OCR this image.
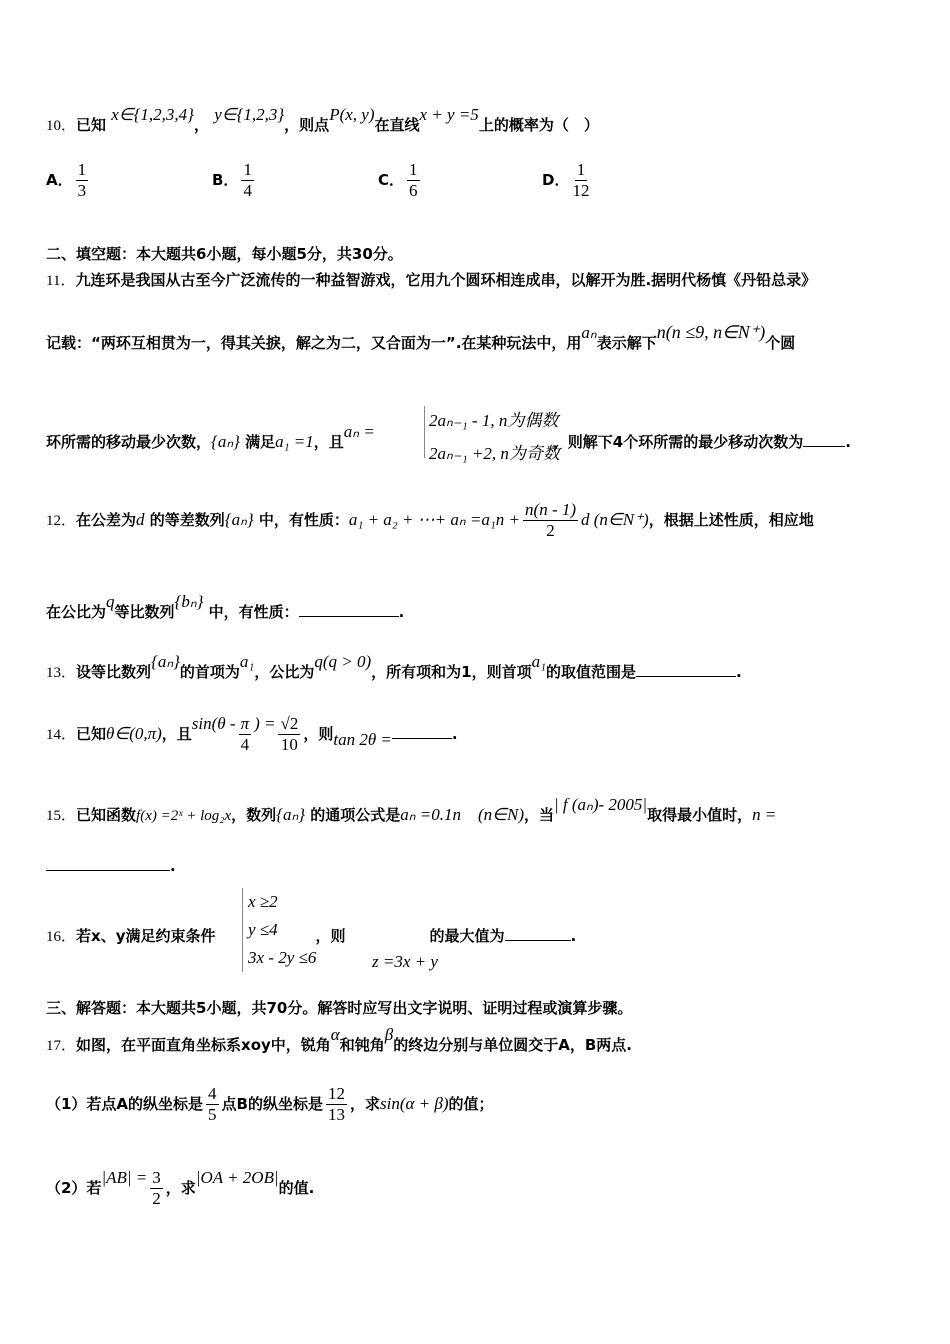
10．已知 x∈{1,2,3,4}， y∈{1,2,3}，则点P(x, y)在直线x + y =5上的概率为（　）
A． $\frac{1}{3}$	B． $\frac{1}{4}$	C． $\frac{1}{6}$	D． $\frac{1}{12}$
二、填空题：本大题共6小题，每小题5分，共30分。
11．九连环是我国从古至今广泛流传的一种益智游戏，它用九个圆环相连成串，以解开为胜.据明代杨慎《丹铅总录》
记载：“两环互相贯为一，得其关捩，解之为二，又合面为一”.在某种玩法中，用aₙ表示解下n(n ≤9, n∈N⁺)个圆
环所需的移动最少次数，{aₙ} 满足a₁ =1，且aₙ =，则解下4个环所需的最少移动次数为	.
2aₙ₋₁ - 1, n为偶数
2aₙ₋₁ +2, n为奇数
12．在公差为d 的等差数列{aₙ} 中，有性质：a₁ + a₂ + ⋯+ $a_n =a_1n + \frac{n(n - 1)}{2}$ d (n∈N⁺)，根据上述性质，相应地
在公比为q等比数列{bₙ} 中，有性质：	.
13．设等比数列{aₙ}的首项为a₁，公比为q(q > 0)，所有项和为1，则首项a₁的取值范围是	.
14．已知θ∈(0,π)，且$\sin(\theta - \frac{\pi}{4}$ ) = $\frac{√2}{10}$ ，则tan 2θ =	.
15．已知函数f(x) =2ˣ + log₂x，数列{aₙ} 的通项公式是aₙ =0.1n　(n∈N)，当| f (aₙ)- 2005|取得最小值时，n =
.
16．若x、y满足约束条件	，则	的最大值为	.
x ≥2
y ≤4
3x - 2y ≤6	z =3x + y
三、解答题：本大题共5小题，共70分。解答时应写出文字说明、证明过程或演算步骤。
17．如图，在平面直角坐标系xoy中，锐角α和钝角β的终边分别与单位圆交于A，B两点.
（1）若点A的纵坐标是 $\frac{4}{5}$ 点B的纵坐标是 $\frac{12}{13}$ ，求sin(α + β)的值；
（2）若$|AB| = \frac{3}{2}$ ，求|OA + 2OB|的值.
